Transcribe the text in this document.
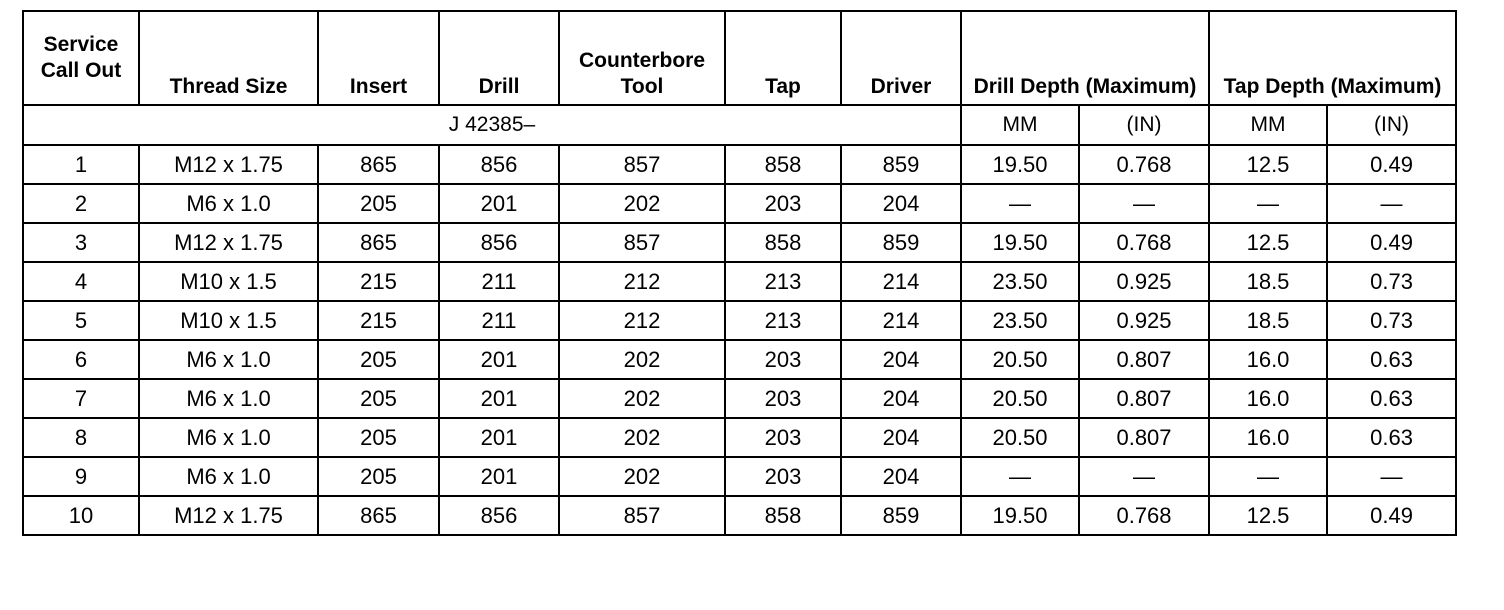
Service Call Out	Thread Size	Insert	Drill	Counterbore Tool	Tap	Driver	Drill Depth (Maximum)		Tap Depth (Maximum)	
J 42385–							MM	(IN)	MM	(IN)
1	M12 x 1.75	865	856	857	858	859	19.50	0.768	12.5	0.49
2	M6 x 1.0	205	201	202	203	204	—	—	—	—
3	M12 x 1.75	865	856	857	858	859	19.50	0.768	12.5	0.49
4	M10 x 1.5	215	211	212	213	214	23.50	0.925	18.5	0.73
5	M10 x 1.5	215	211	212	213	214	23.50	0.925	18.5	0.73
6	M6 x 1.0	205	201	202	203	204	20.50	0.807	16.0	0.63
7	M6 x 1.0	205	201	202	203	204	20.50	0.807	16.0	0.63
8	M6 x 1.0	205	201	202	203	204	20.50	0.807	16.0	0.63
9	M6 x 1.0	205	201	202	203	204	—	—	—	—
10	M12 x 1.75	865	856	857	858	859	19.50	0.768	12.5	0.49
